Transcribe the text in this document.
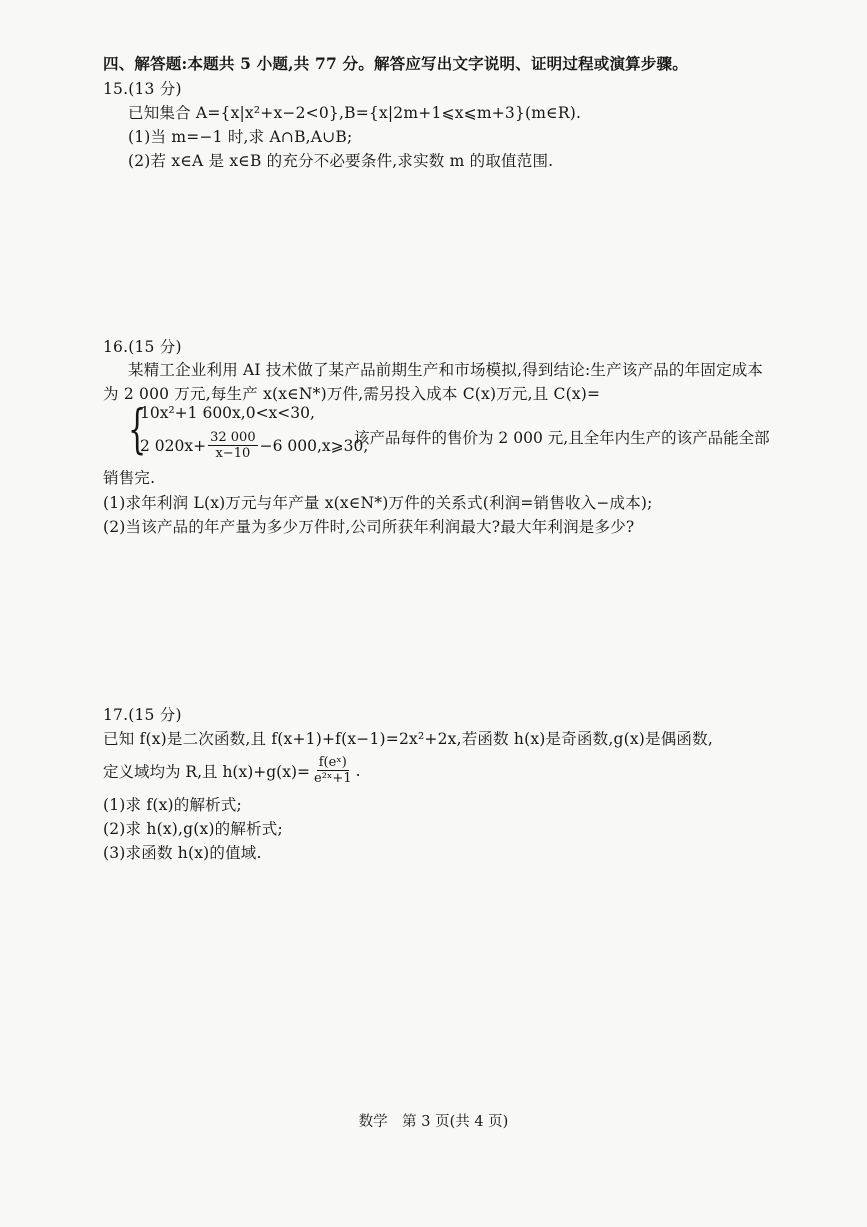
四、解答题:本题共 5 小题,共 77 分。解答应写出文字说明、证明过程或演算步骤。
15.(13 分)
已知集合 A={x|x²+x−2<0},B={x|2m+1⩽x⩽m+3}(m∈R).
(1)当 m=−1 时,求 A∩B,A∪B;
(2)若 x∈A 是 x∈B 的充分不必要条件,求实数 m 的取值范围.
16.(15 分)
某精工企业利用 AI 技术做了某产品前期生产和市场模拟,得到结论:生产该产品的年固定成本
为 2 000 万元,每生产 x(x∈N*)万件,需另投入成本 C(x)万元,且 C(x)=
{
10x²+1 600x,0<x<30,
2 $020x+ \frac{32 000}{x-10} -6$ 000,x⩾30,
该产品每件的售价为 2 000 元,且全年内生产的该产品能全部
销售完.
(1)求年利润 L(x)万元与年产量 x(x∈N*)万件的关系式(利润=销售收入−成本);
(2)当该产品的年产量为多少万件时,公司所获年利润最大?最大年利润是多少?
17.(15 分)
已知 f(x)是二次函数,且 f(x+1)+f(x−1)=2x²+2x,若函数 h(x)是奇函数,g(x)是偶函数,
定义域均为 R,且 $h(x)+g(x)= \frac{\text{f(eˣ)}}{\text{e²ˣ+1}}$ .
(1)求 f(x)的解析式;
(2)求 h(x),g(x)的解析式;
(3)求函数 h(x)的值域.
数学　第 3 页(共 4 页)
